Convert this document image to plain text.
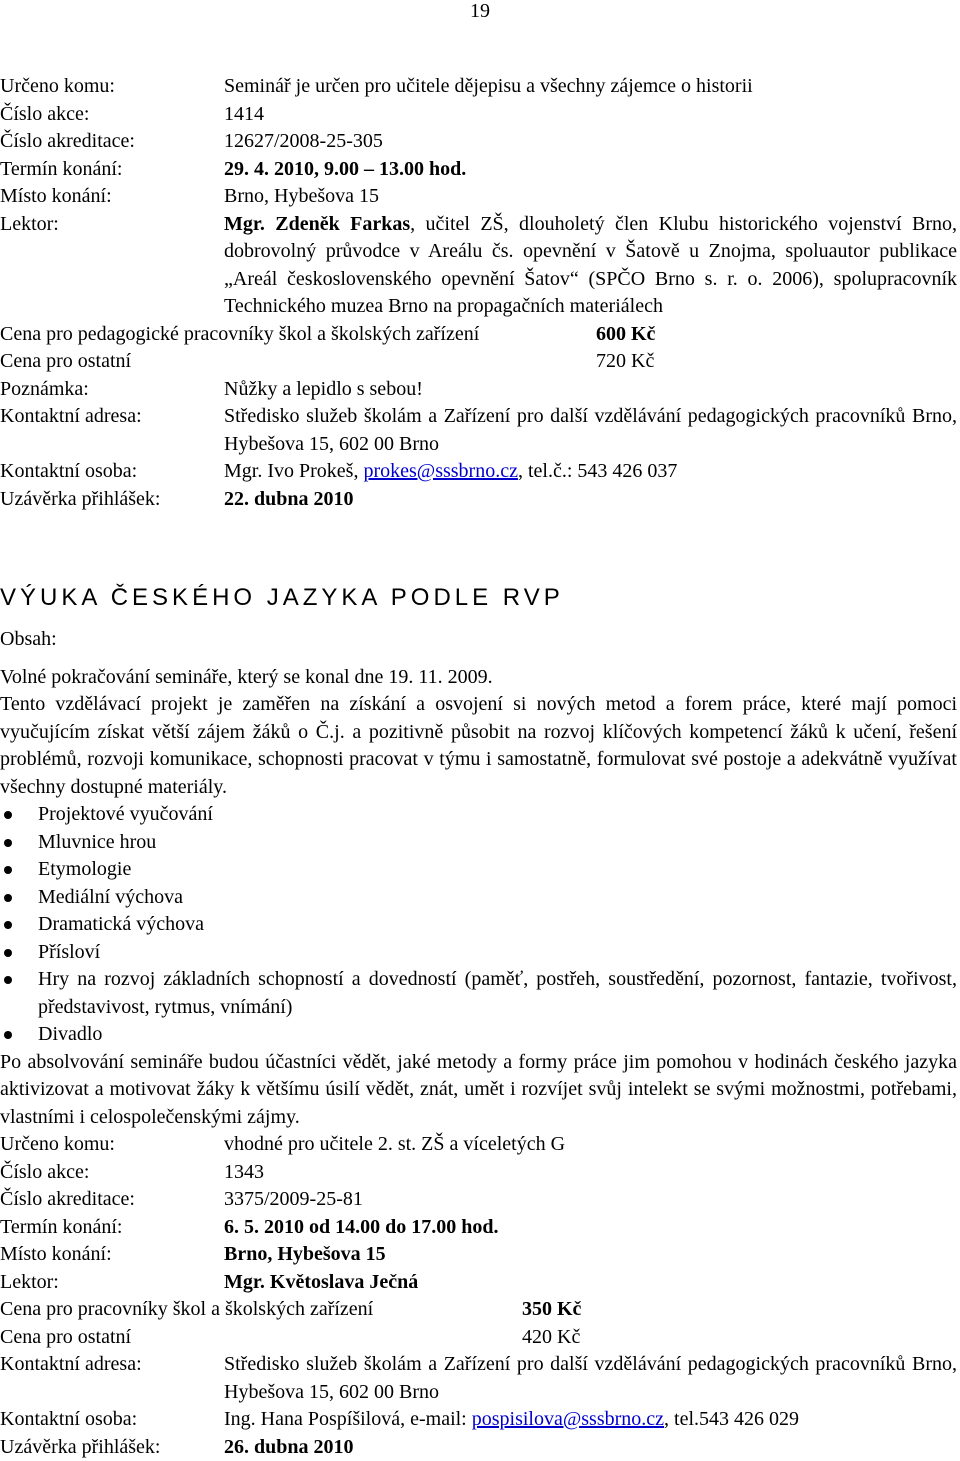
19
Určeno komu:	Seminář je určen pro učitele dějepisu a všechny zájemce o historii
Číslo akce:	1414
Číslo akreditace:	12627/2008-25-305
Termín konání:	29. 4. 2010, 9.00 – 13.00 hod.
Místo konání:	Brno, Hybešova 15
Lektor:	Mgr. Zdeněk Farkas, učitel ZŠ, dlouholetý člen Klubu historického vojenství Brno, dobrovolný průvodce v Areálu čs. opevnění v Šatově u Znojma, spoluautor publikace „Areál československého opevnění Šatov“ (SPČO Brno s. r. o. 2006), spolupracovník Technického muzea Brno na propagačních materiálech
Cena pro pedagogické pracovníky škol a školských zařízení	600 Kč
Cena pro ostatní	720 Kč
Poznámka:	Nůžky a lepidlo s sebou!
Kontaktní adresa:	Středisko služeb školám a Zařízení pro další vzdělávání pedagogických pracovníků Brno, Hybešova 15, 602 00 Brno
Kontaktní osoba:	Mgr. Ivo Prokeš, prokes@sssbrno.cz, tel.č.: 543 426 037
Uzávěrka přihlášek:	22. dubna 2010
VÝUKA ČESKÉHO JAZYKA PODLE RVP
Obsah:
Volné pokračování semináře, který se konal dne 19. 11. 2009.
Tento vzdělávací projekt je zaměřen na získání a osvojení si nových metod a forem práce, které mají pomoci vyučujícím získat větší zájem žáků o Č.j. a pozitivně působit na rozvoj klíčových kompetencí žáků k učení, řešení problémů, rozvoji komunikace, schopnosti pracovat v týmu i samostatně, formulovat své postoje a adekvátně využívat všechny dostupné materiály.
Projektové vyučování
Mluvnice hrou
Etymologie
Mediální výchova
Dramatická výchova
Přísloví
Hry na rozvoj základních schopností a dovedností (paměť, postřeh, soustředění, pozornost, fantazie, tvořivost, představivost, rytmus, vnímání)
Divadlo
Po absolvování semináře budou účastníci vědět, jaké metody a formy práce jim pomohou v hodinách českého jazyka aktivizovat a motivovat žáky k většímu úsilí vědět, znát, umět i rozvíjet svůj intelekt se svými možnostmi, potřebami, vlastními i celospolečenskými zájmy.
Určeno komu:	vhodné pro učitele 2. st. ZŠ a víceletých G
Číslo akce:	1343
Číslo akreditace:	3375/2009-25-81
Termín konání:	6. 5. 2010 od 14.00 do 17.00 hod.
Místo konání:	Brno, Hybešova 15
Lektor:	Mgr. Květoslava Ječná
Cena pro pracovníky škol a školských zařízení	350 Kč
Cena pro ostatní	420 Kč
Kontaktní adresa:	Středisko služeb školám a Zařízení pro další vzdělávání pedagogických pracovníků Brno, Hybešova 15, 602 00 Brno
Kontaktní osoba:	Ing. Hana Pospíšilová, e-mail: pospisilova@sssbrno.cz, tel.543 426 029
Uzávěrka přihlášek:	26. dubna 2010
